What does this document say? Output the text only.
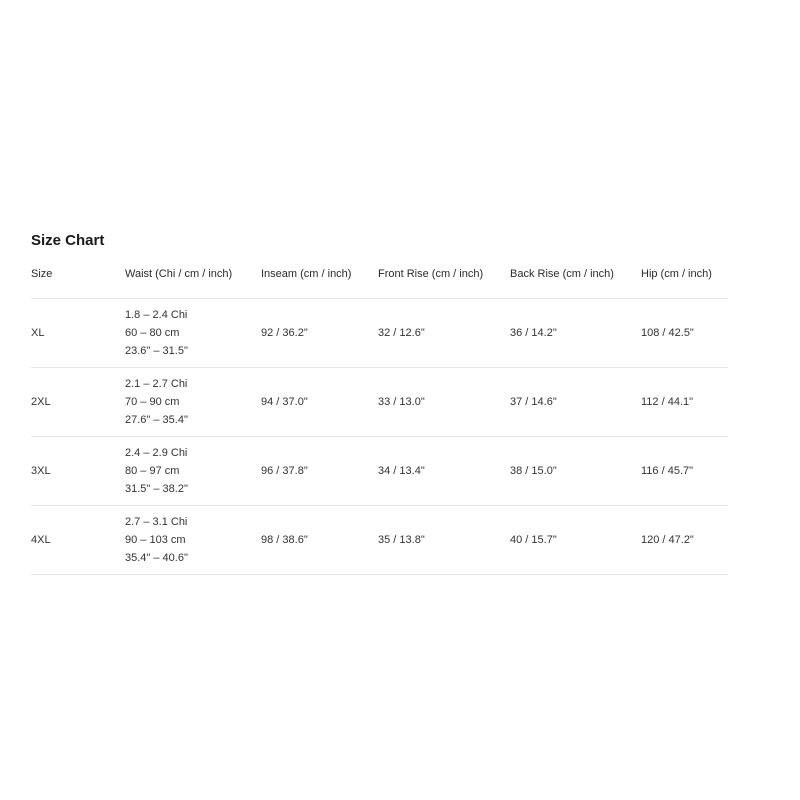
Size Chart
Size	Waist (Chi / cm / inch)	Inseam (cm / inch)	Front Rise (cm / inch)	Back Rise (cm / inch)	Hip (cm / inch)
XL	1.8 – 2.4 Chi
60 – 80 cm
23.6" – 31.5"	92 / 36.2"	32 / 12.6"	36 / 14.2"	108 / 42.5"
2XL	2.1 – 2.7 Chi
70 – 90 cm
27.6" – 35.4"	94 / 37.0"	33 / 13.0"	37 / 14.6"	112 / 44.1"
3XL	2.4 – 2.9 Chi
80 – 97 cm
31.5" – 38.2"	96 / 37.8"	34 / 13.4"	38 / 15.0"	116 / 45.7"
4XL	2.7 – 3.1 Chi
90 – 103 cm
35.4" – 40.6"	98 / 38.6"	35 / 13.8"	40 / 15.7"	120 / 47.2"
